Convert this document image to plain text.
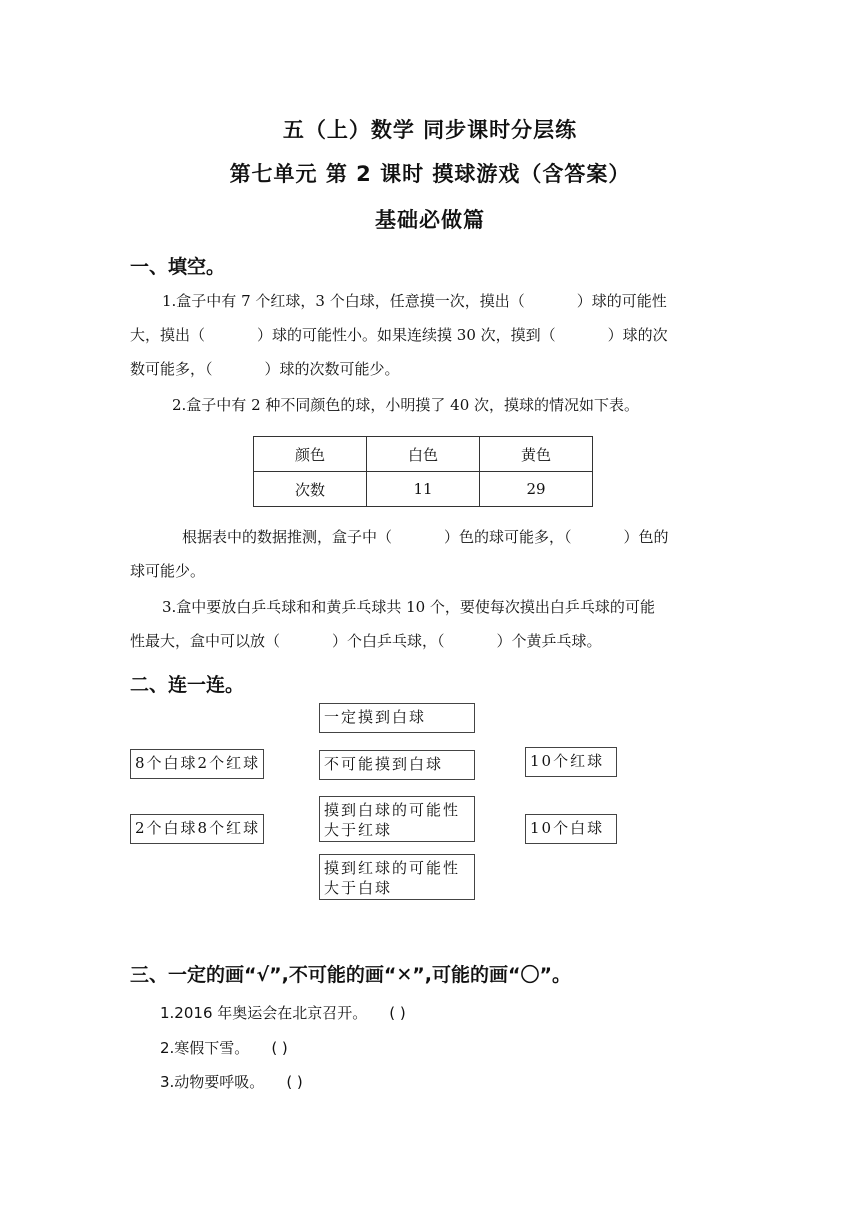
五（上）数学 同步课时分层练
第七单元 第 2 课时 摸球游戏（含答案）
基础必做篇
一、填空。
1.盒子中有 7 个红球，3 个白球，任意摸一次，摸出（	）球的可能性
大，摸出（	）球的可能性小。如果连续摸 30 次，摸到（	）球的次
数可能多，（	）球的次数可能少。
2.盒子中有 2 种不同颜色的球，小明摸了 40 次，摸球的情况如下表。
颜色	白色	黄色
次数	11	29
根据表中的数据推测，盒子中（	）色的球可能多，（	）色的
球可能少。
3.盒中要放白乒乓球和和黄乒乓球共 10 个，要使每次摸出白乒乓球的可能
性最大，盒中可以放（	）个白乒乓球，（	）个黄乒乓球。
二、连一连。
一定摸到白球
8个白球2个红球	不可能摸到白球	10个红球
摸到白球的可能性大于红球
2个白球8个红球	10个白球
摸到红球的可能性大于白球
三、一定的画“√”,不可能的画“✕”,可能的画“〇”。
1.2016 年奥运会在北京召开。 ( )
2.寒假下雪。 ( )
3.动物要呼吸。 ( )
